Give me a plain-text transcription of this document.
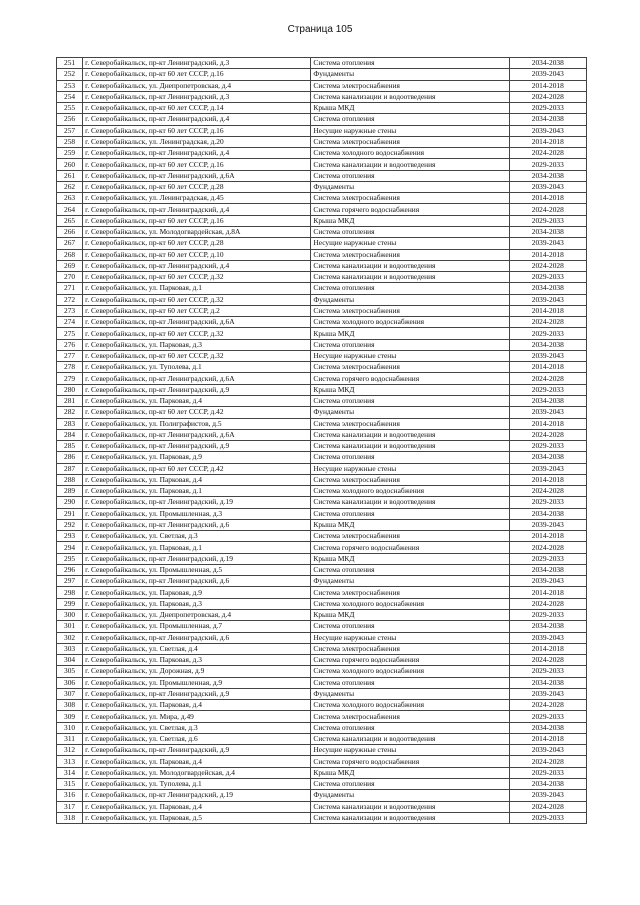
Страница 105
251	г. Северобайкальск, пр-кт Ленинградский, д.3	Система отопления	2034-2038
252	г. Северобайкальск, пр-кт 60 лет СССР, д.16	Фундаменты	2039-2043
253	г. Северобайкальск, ул. Днепропетровская, д.4	Система электроснабжения	2014-2018
254	г. Северобайкальск, пр-кт Ленинградский, д.3	Система канализации и водоотведения	2024-2028
255	г. Северобайкальск, пр-кт 60 лет СССР, д.14	Крыша МКД	2029-2033
256	г. Северобайкальск, пр-кт Ленинградский, д.4	Система отопления	2034-2038
257	г. Северобайкальск, пр-кт 60 лет СССР, д.16	Несущие наружные стены	2039-2043
258	г. Северобайкальск, ул. Ленинградская, д.20	Система электроснабжения	2014-2018
259	г. Северобайкальск, пр-кт Ленинградский, д.4	Система холодного водоснабжения	2024-2028
260	г. Северобайкальск, пр-кт 60 лет СССР, д.16	Система канализации и водоотведения	2029-2033
261	г. Северобайкальск, пр-кт Ленинградский, д.6А	Система отопления	2034-2038
262	г. Северобайкальск, пр-кт 60 лет СССР, д.28	Фундаменты	2039-2043
263	г. Северобайкальск, ул. Ленинградская, д.45	Система электроснабжения	2014-2018
264	г. Северобайкальск, пр-кт Ленинградский, д.4	Система горячего водоснабжения	2024-2028
265	г. Северобайкальск, пр-кт 60 лет СССР, д.16	Крыша МКД	2029-2033
266	г. Северобайкальск, ул. Молодогвардейская, д.8А	Система отопления	2034-2038
267	г. Северобайкальск, пр-кт 60 лет СССР, д.28	Несущие наружные стены	2039-2043
268	г. Северобайкальск, пр-кт 60 лет СССР, д.10	Система электроснабжения	2014-2018
269	г. Северобайкальск, пр-кт Ленинградский, д.4	Система канализации и водоотведения	2024-2028
270	г. Северобайкальск, пр-кт 60 лет СССР, д.32	Система канализации и водоотведения	2029-2033
271	г. Северобайкальск, ул. Парковая, д.1	Система отопления	2034-2038
272	г. Северобайкальск, пр-кт 60 лет СССР, д.32	Фундаменты	2039-2043
273	г. Северобайкальск, пр-кт 60 лет СССР, д.2	Система электроснабжения	2014-2018
274	г. Северобайкальск, пр-кт Ленинградский, д.6А	Система холодного водоснабжения	2024-2028
275	г. Северобайкальск, пр-кт 60 лет СССР, д.32	Крыша МКД	2029-2033
276	г. Северобайкальск, ул. Парковая, д.3	Система отопления	2034-2038
277	г. Северобайкальск, пр-кт 60 лет СССР, д.32	Несущие наружные стены	2039-2043
278	г. Северобайкальск, ул. Туполева, д.1	Система электроснабжения	2014-2018
279	г. Северобайкальск, пр-кт Ленинградский, д.6А	Система горячего водоснабжения	2024-2028
280	г. Северобайкальск, пр-кт Ленинградский, д.9	Крыша МКД	2029-2033
281	г. Северобайкальск, ул. Парковая, д.4	Система отопления	2034-2038
282	г. Северобайкальск, пр-кт 60 лет СССР, д.42	Фундаменты	2039-2043
283	г. Северобайкальск, ул. Полиграфистов, д.5	Система электроснабжения	2014-2018
284	г. Северобайкальск, пр-кт Ленинградский, д.6А	Система канализации и водоотведения	2024-2028
285	г. Северобайкальск, пр-кт Ленинградский, д.9	Система канализации и водоотведения	2029-2033
286	г. Северобайкальск, ул. Парковая, д.9	Система отопления	2034-2038
287	г. Северобайкальск, пр-кт 60 лет СССР, д.42	Несущие наружные стены	2039-2043
288	г. Северобайкальск, ул. Парковая, д.4	Система электроснабжения	2014-2018
289	г. Северобайкальск, ул. Парковая, д.1	Система холодного водоснабжения	2024-2028
290	г. Северобайкальск, пр-кт Ленинградский, д.19	Система канализации и водоотведения	2029-2033
291	г. Северобайкальск, ул. Промышленная, д.3	Система отопления	2034-2038
292	г. Северобайкальск, пр-кт Ленинградский, д.6	Крыша МКД	2039-2043
293	г. Северобайкальск, ул. Светлая, д.3	Система электроснабжения	2014-2018
294	г. Северобайкальск, ул. Парковая, д.1	Система горячего водоснабжения	2024-2028
295	г. Северобайкальск, пр-кт Ленинградский, д.19	Крыша МКД	2029-2033
296	г. Северобайкальск, ул. Промышленная, д.5	Система отопления	2034-2038
297	г. Северобайкальск, пр-кт Ленинградский, д.6	Фундаменты	2039-2043
298	г. Северобайкальск, ул. Парковая, д.9	Система электроснабжения	2014-2018
299	г. Северобайкальск, ул. Парковая, д.3	Система холодного водоснабжения	2024-2028
300	г. Северобайкальск, ул. Днепропетровская, д.4	Крыша МКД	2029-2033
301	г. Северобайкальск, ул. Промышленная, д.7	Система отопления	2034-2038
302	г. Северобайкальск, пр-кт Ленинградский, д.6	Несущие наружные стены	2039-2043
303	г. Северобайкальск, ул. Светлая, д.4	Система электроснабжения	2014-2018
304	г. Северобайкальск, ул. Парковая, д.3	Система горячего водоснабжения	2024-2028
305	г. Северобайкальск, ул. Дорожная, д.9	Система холодного водоснабжения	2029-2033
306	г. Северобайкальск, ул. Промышленная, д.9	Система отопления	2034-2038
307	г. Северобайкальск, пр-кт Ленинградский, д.9	Фундаменты	2039-2043
308	г. Северобайкальск, ул. Парковая, д.4	Система холодного водоснабжения	2024-2028
309	г. Северобайкальск, ул. Мира, д.49	Система электроснабжения	2029-2033
310	г. Северобайкальск, ул. Светлая, д.3	Система отопления	2034-2038
311	г. Северобайкальск, ул. Светлая, д.6	Система канализации и водоотведения	2014-2018
312	г. Северобайкальск, пр-кт Ленинградский, д.9	Несущие наружные стены	2039-2043
313	г. Северобайкальск, ул. Парковая, д.4	Система горячего водоснабжения	2024-2028
314	г. Северобайкальск, ул. Молодогвардейская, д.4	Крыша МКД	2029-2033
315	г. Северобайкальск, ул. Туполева, д.1	Система отопления	2034-2038
316	г. Северобайкальск, пр-кт Ленинградский, д.19	Фундаменты	2039-2043
317	г. Северобайкальск, ул. Парковая, д.4	Система канализации и водоотведения	2024-2028
318	г. Северобайкальск, ул. Парковая, д.5	Система канализации и водоотведения	2029-2033
